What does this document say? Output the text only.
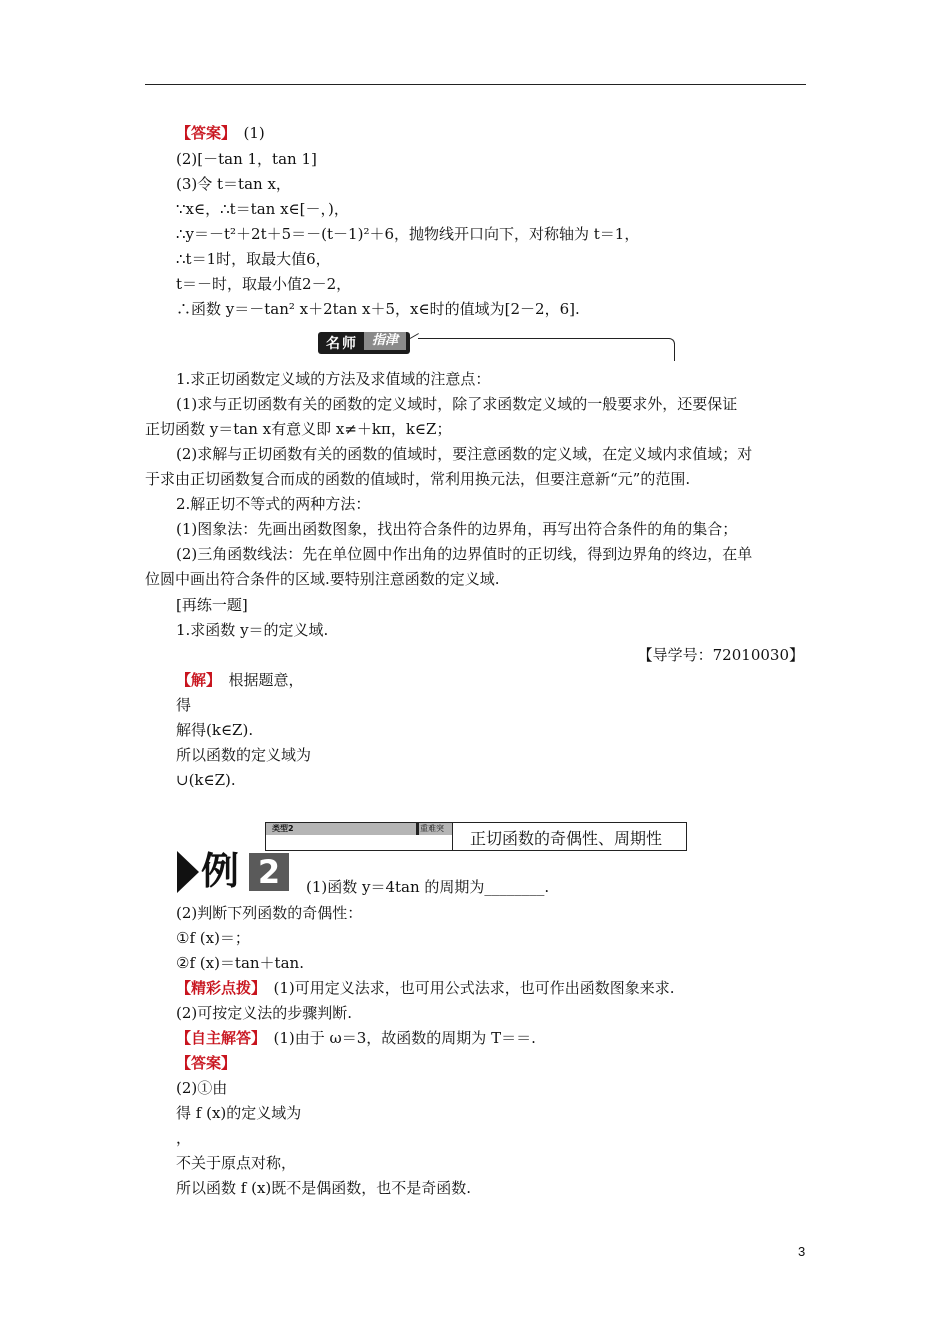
【答案】　(1)
(2)[－tan 1，tan 1]
(3)令 t＝tan x，
∵x∈，∴t＝tan x∈[－，)，
∴y＝－t²＋2t＋5＝－(t－1)²＋6，抛物线开口向下，对称轴为 t＝1，
∴t＝1时，取最大值6，
t＝－时，取最小值2－2，
∴函数 y＝－tan² x＋2tan x＋5，x∈时的值域为[2－2，6].
名师	指津
1.求正切函数定义域的方法及求值域的注意点：
(1)求与正切函数有关的函数的定义域时，除了求函数定义域的一般要求外，还要保证
正切函数 y＝tan x有意义即 x≠＋kπ，k∈Z；
(2)求解与正切函数有关的函数的值域时，要注意函数的定义域，在定义域内求值域；对
于求由正切函数复合而成的函数的值域时，常利用换元法，但要注意新“元”的范围.
2.解正切不等式的两种方法：
(1)图象法：先画出函数图象，找出符合条件的边界角，再写出符合条件的角的集合；
(2)三角函数线法：先在单位圆中作出角的边界值时的正切线，得到边界角的终边，在单
位圆中画出符合条件的区域.要特别注意函数的定义域.
[再练一题]
1.求函数 y＝的定义域.
【导学号：72010030】
【解】　根据题意，
得
解得(k∈Z).
所以函数的定义域为
∪(k∈Z).
类型2	重难突
正切函数的奇偶性、周期性
例 2	(1)函数 y＝4tan 的周期为________.
(2)判断下列函数的奇偶性：
①f (x)＝；
②f (x)＝tan＋tan.
【精彩点拨】　(1)可用定义法求，也可用公式法求，也可作出函数图象来求.
(2)可按定义法的步骤判断.
【自主解答】　(1)由于 ω＝3，故函数的周期为 T＝＝.
【答案】
(2)①由
得 f (x)的定义域为
，
不关于原点对称，
所以函数 f (x)既不是偶函数，也不是奇函数.
3
